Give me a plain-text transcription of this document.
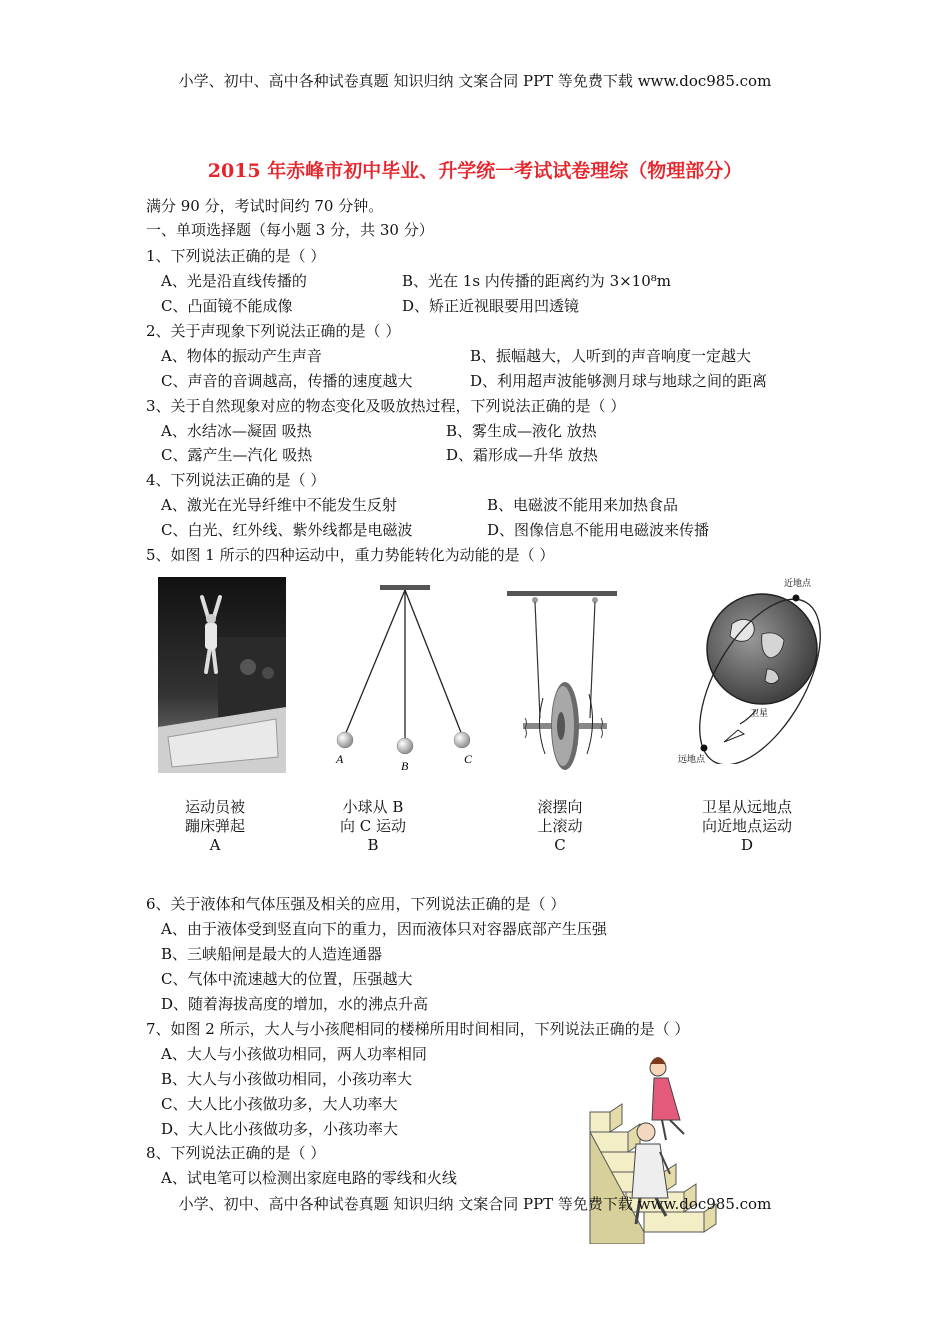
小学、初中、高中各种试卷真题 知识归纳 文案合同 PPT 等免费下载 www.doc985.com
2015 年赤峰市初中毕业、升学统一考试试卷理综（物理部分）
满分 90 分，考试时间约 70 分钟。
一、单项选择题（每小题 3 分，共 30 分）
1、下列说法正确的是（ ）
A、光是沿直线传播的	B、光在 1s 内传播的距离约为 3×10⁸m
C、凸面镜不能成像	D、矫正近视眼要用凹透镜
2、关于声现象下列说法正确的是（ ）
A、物体的振动产生声音	B、振幅越大，人听到的声音响度一定越大
C、声音的音调越高，传播的速度越大	D、利用超声波能够测月球与地球之间的距离
3、关于自然现象对应的物态变化及吸放热过程，下列说法正确的是（ ）
A、水结冰—凝固 吸热	B、雾生成—液化 放热
C、露产生—汽化 吸热	D、霜形成—升华 放热
4、下列说法正确的是（ ）
A、激光在光导纤维中不能发生反射	B、电磁波不能用来加热食品
C、白光、红外线、紫外线都是电磁波	D、图像信息不能用电磁波来传播
5、如图 1 所示的四种运动中，重力势能转化为动能的是（ ）
A	B	C
近地点
远地点
卫星
运动员被
蹦床弹起
A
小球从 B
向 C 运动
B
滚摆向
上滚动
C
卫星从远地点
向近地点运动
D
6、关于液体和气体压强及相关的应用，下列说法正确的是（ ）
A、由于液体受到竖直向下的重力，因而液体只对容器底部产生压强
B、三峡船闸是最大的人造连通器
C、气体中流速越大的位置，压强越大
D、随着海拔高度的增加，水的沸点升高
7、如图 2 所示，大人与小孩爬相同的楼梯所用时间相同，下列说法正确的是（ ）
A、大人与小孩做功相同，两人功率相同
B、大人与小孩做功相同，小孩功率大
C、大人比小孩做功多，大人功率大
D、大人比小孩做功多，小孩功率大
8、下列说法正确的是（ ）
A、试电笔可以检测出家庭电路的零线和火线
小学、初中、高中各种试卷真题 知识归纳 文案合同 PPT 等免费下载 www.doc985.com
